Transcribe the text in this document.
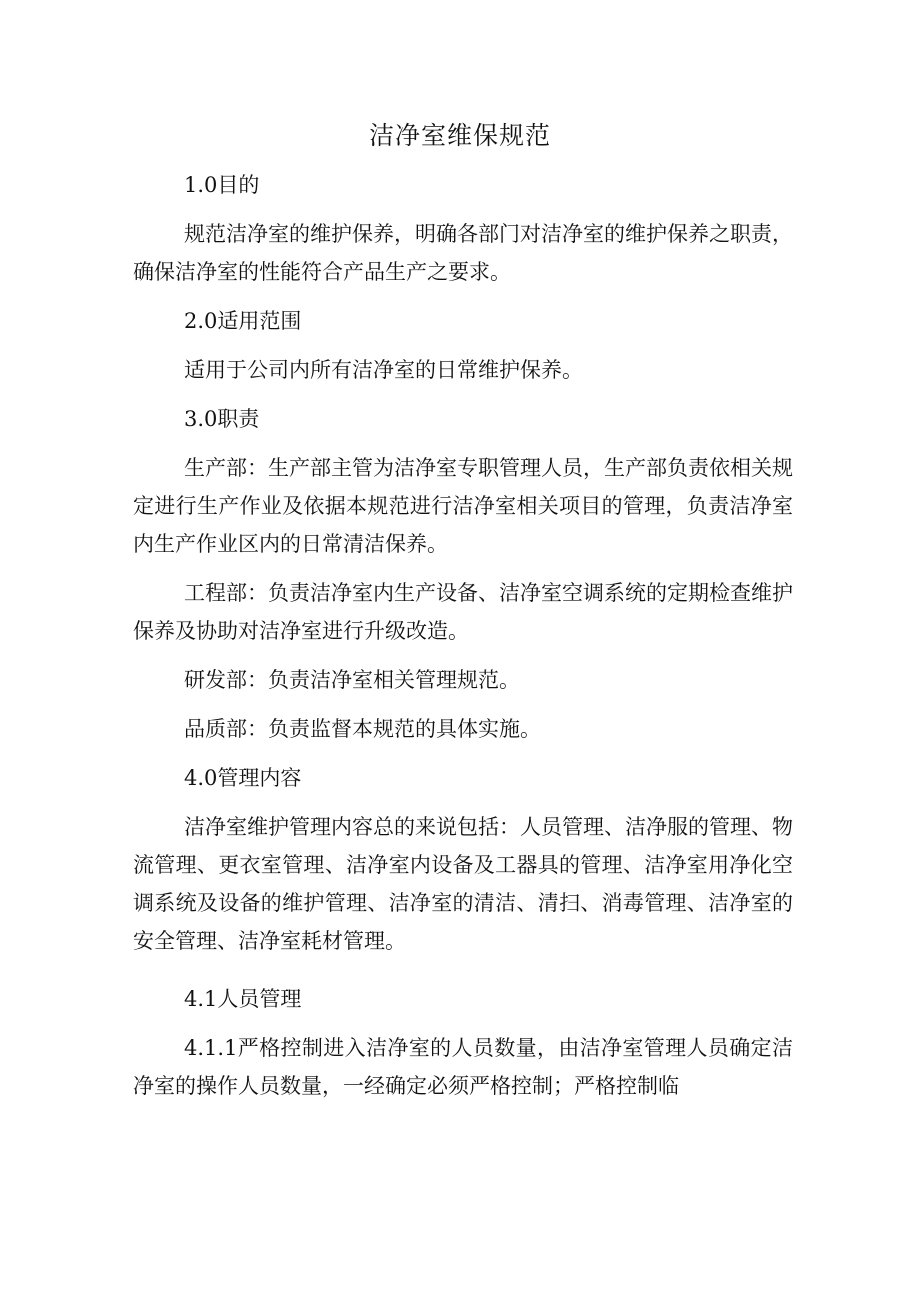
洁净室维保规范

1.0目的

规范洁净室的维护保养，明确各部门对洁净室的维护保养之职责，确保洁净室的性能符合产品生产之要求。

2.0适用范围

适用于公司内所有洁净室的日常维护保养。

3.0职责

生产部：生产部主管为洁净室专职管理人员，生产部负责依相关规定进行生产作业及依据本规范进行洁净室相关项目的管理，负责洁净室内生产作业区内的日常清洁保养。

工程部：负责洁净室内生产设备、洁净室空调系统的定期检查维护保养及协助对洁净室进行升级改造。

研发部：负责洁净室相关管理规范。

品质部：负责监督本规范的具体实施。

4.0管理内容

洁净室维护管理内容总的来说包括：人员管理、洁净服的管理、物流管理、更衣室管理、洁净室内设备及工器具的管理、洁净室用净化空调系统及设备的维护管理、洁净室的清洁、清扫、消毒管理、洁净室的安全管理、洁净室耗材管理。

4.1人员管理

4.1.1严格控制进入洁净室的人员数量，由洁净室管理人员确定洁净室的操作人员数量，一经确定必须严格控制；严格控制临
